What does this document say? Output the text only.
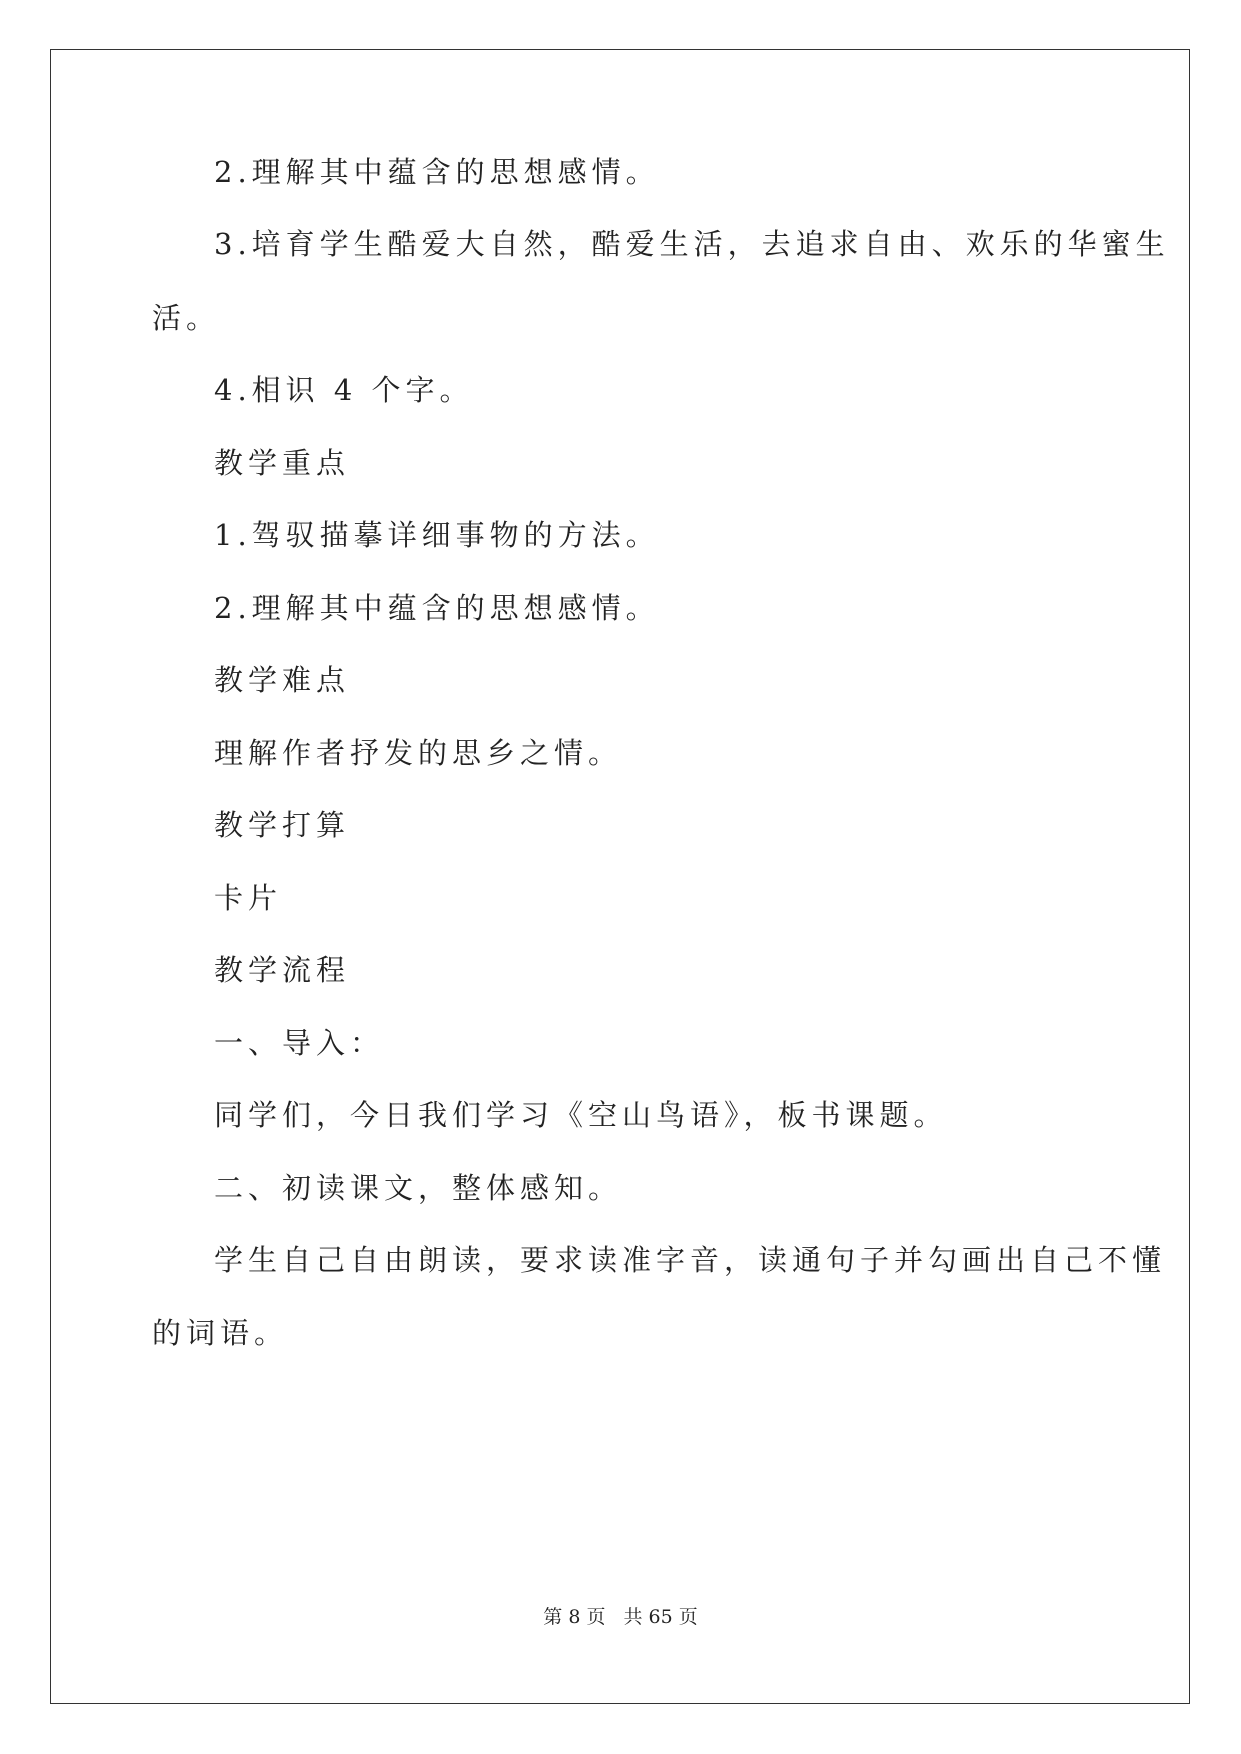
2.理解其中蕴含的思想感情。
3.培育学生酷爱大自然，酷爱生活，去追求自由、欢乐的华蜜生
活。
4.相识 4 个字。
教学重点
1.驾驭描摹详细事物的方法。
2.理解其中蕴含的思想感情。
教学难点
理解作者抒发的思乡之情。
教学打算
卡片
教学流程
一、导入：
同学们，今日我们学习《空山鸟语》，板书课题。
二、初读课文，整体感知。
学生自己自由朗读，要求读准字音，读通句子并勾画出自己不懂
的词语。
第 8 页 共 65 页
